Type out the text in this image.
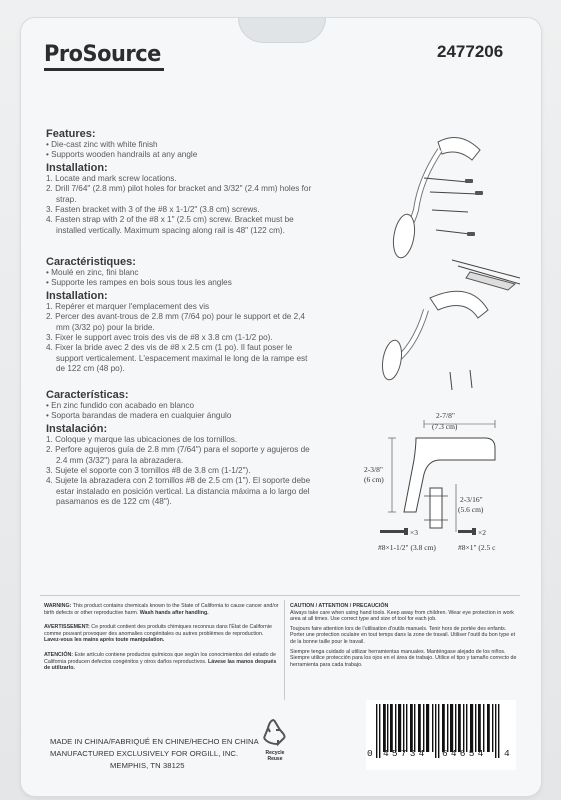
ProSource	2477206
Features:
• Die-cast zinc with white finish
• Supports wooden handrails at any angle
Installation:
1. Locate and mark screw locations.
2. Drill 7/64" (2.8 mm) pilot holes for bracket and 3/32" (2.4 mm) holes for strap.
3. Fasten bracket with 3 of the #8 x 1-1/2" (3.8 cm) screws.
4. Fasten strap with 2 of the #8 x 1" (2.5 cm) screw. Bracket must be installed vertically. Maximum spacing along rail is 48" (122 cm).
Caractéristiques:
• Moulé en zinc, fini blanc
• Supporte les rampes en bois sous tous les angles
Installation:
1. Repérer et marquer l'emplacement des vis
2. Percer des avant-trous de 2.8 mm (7/64 po) pour le support et de 2,4 mm (3/32 po) pour la bride.
3. Fixer le support avec trois des vis de #8 x 3.8 cm (1-1/2 po).
4. Fixer la bride avec 2 des vis de #8 x 2.5 cm (1 po). Il faut poser le support verticalement. L'espacement maximal le long de la rampe est de 122 cm (48 po).
Características:
• En zinc fundido con acabado en blanco
• Soporta barandas de madera en cualquier ángulo
Instalación:
1. Coloque y marque las ubicaciones de los tornillos.
2. Perfore agujeros guía de 2.8 mm (7/64") para el soporte y agujeros de 2.4 mm (3/32") para la abrazadera.
3. Sujete el soporte con 3 tornillos #8 de 3.8 cm (1-1/2").
4. Sujete la abrazadera con 2 tornillos #8 de 2.5 cm (1"). El soporte debe estar instalado en posición vertical. La distancia máxima a lo largo del pasamanos es de 122 cm (48").
2-7/8"
(7.3 cm)
2-3/8"
(6 cm)
2-3/16"
(5.6 cm)
×3	×2
#8×1-1/2" (3.8 cm)	#8×1" (2.5 c
WARNING: This product contains chemicals known to the State of California to cause cancer and/or birth defects or other reproductive harm. Wash hands after handling.
AVERTISSEMENT: Ce produit contient des produits chimiques reconnus dans l'État de Californie comme pouvant provoquer des anomalies congénitales ou autres problèmes de reproduction. Lavez-vous les mains après toute manipulation.
ATENCIÓN: Este artículo contiene productos químicos que según los conocimientos del estado de California producen defectos congénitos y otros daños reproductivos. Lávese las manos después de utilizarlo.
CAUTION / ATTENTION / PRECAUCIÓN
Always take care when using hand tools. Keep away from children. Wear eye protection in work area at all times. Use correct type and size of tool for each job.
Toujours faire attention lors de l'utilisation d'outils manuels. Tenir hors de portée des enfants. Porter une protection oculaire en tout temps dans la zone de travail. Utiliser l'outil du bon type et de la bonne taille pour le travail.
Siempre tenga cuidado al utilizar herramientas manuales. Manténgase alejado de los niños. Siempre utilice protección para los ojos en el área de trabajo. Utilice el tipo y tamaño correcto de herramienta para cada trabajo.
MADE IN CHINA/FABRIQUÉ EN CHINE/HECHO EN CHINA
MANUFACTURED EXCLUSIVELY FOR ORGILL, INC.
MEMPHIS, TN 38125
Recycle
Reuse	0 45734 64654 4
